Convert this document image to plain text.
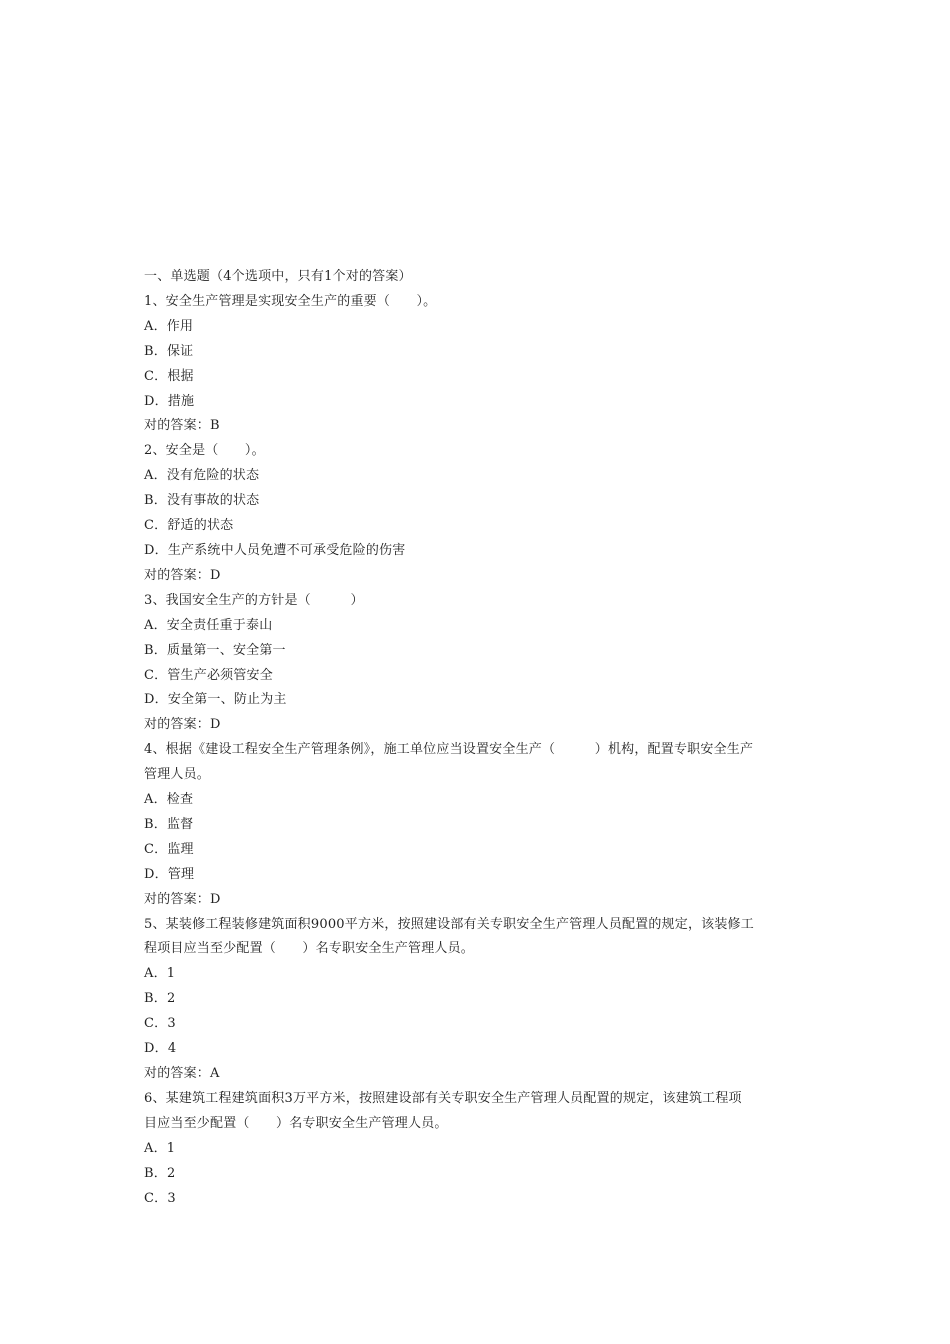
一、单选题（4个选项中，只有1个对的答案）
1、安全生产管理是实现安全生产的重要（　　）。
A．作用
B．保证
C．根据
D．措施
对的答案：B
2、安全是（　　）。
A．没有危险的状态
B．没有事故的状态
C．舒适的状态
D．生产系统中人员免遭不可承受危险的伤害
对的答案：D
3、我国安全生产的方针是（　　　）
A．安全责任重于泰山
B．质量第一、安全第一
C．管生产必须管安全
D．安全第一、防止为主
对的答案：D
4、根据《建设工程安全生产管理条例》，施工单位应当设置安全生产（　　　）机构，配置专职安全生产
管理人员。
A．检查
B．监督
C．监理
D．管理
对的答案：D
5、某装修工程装修建筑面积9000平方米，按照建设部有关专职安全生产管理人员配置的规定，该装修工
程项目应当至少配置（　　）名专职安全生产管理人员。
A．1
B．2
C．3
D．4
对的答案：A
6、某建筑工程建筑面积3万平方米，按照建设部有关专职安全生产管理人员配置的规定，该建筑工程项
目应当至少配置（　　）名专职安全生产管理人员。
A．1
B．2
C．3
